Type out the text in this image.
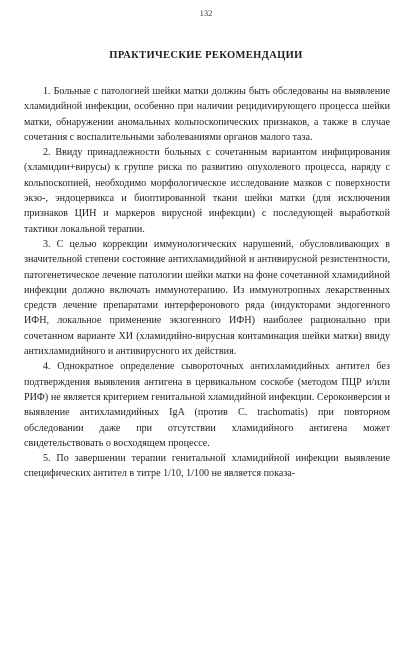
132
ПРАКТИЧЕСКИЕ РЕКОМЕНДАЦИИ

1. Больные с патологией шейки матки должны быть обследованы на выявление хламидийной инфекции, особенно при наличии рецидиvирующего процесса шейки матки, обнаружении аномальных кольпоскопических признаков, а также в случае сочетания с воспалительными заболеваниями органов малого таза.

2. Ввиду принадлежности больных с сочетанным вариантом инфицирования (хламидии+вирусы) к группе риска по развитию опухолевого процесса, наряду с кольпоскопией, необходимо морфологическое исследование мазков с поверхности экзо-, эндоцервикса и биоптированной ткани шейки матки (для исключения признаков ЦИН и маркеров вирусной инфекции) с последующей выработкой тактики локальной терапии.

3. С целью коррекции иммунологических нарушений, обусловливающих в значительной степени состояние антихламидийной и антивирусной резистентности, патогенетическое лечение патологии шейки матки на фоне сочетанной хламидийной инфекции должно включать иммунотерапию. Из иммунотропных лекарственных средств лечение препаратами интерферонового ряда (индукторами эндогенного ИФН, локальное применение экзогенного ИФН) наиболее рационально при сочетанном варианте ХИ (хламидийно-вирусная контаминация шейки матки) ввиду антихламидийного и антивирусного их действия.

4. Однократное определение сывороточных антихламидийных антител без подтверждения выявления антигена в цервикальном соскобе (методом ПЦР и/или РИФ) не является критерием генитальной хламидийной инфекции. Сероконверсия и выявление антихламидийных IgA (против C. trachomatis) при повторном обследовании даже при отсутствии хламидийного антигена может свидетельствовать о восходящем процессе.

5. По завершении терапии генитальной хламидийной инфекции выявление специфических антител в титре 1/10, 1/100 не является показа-
